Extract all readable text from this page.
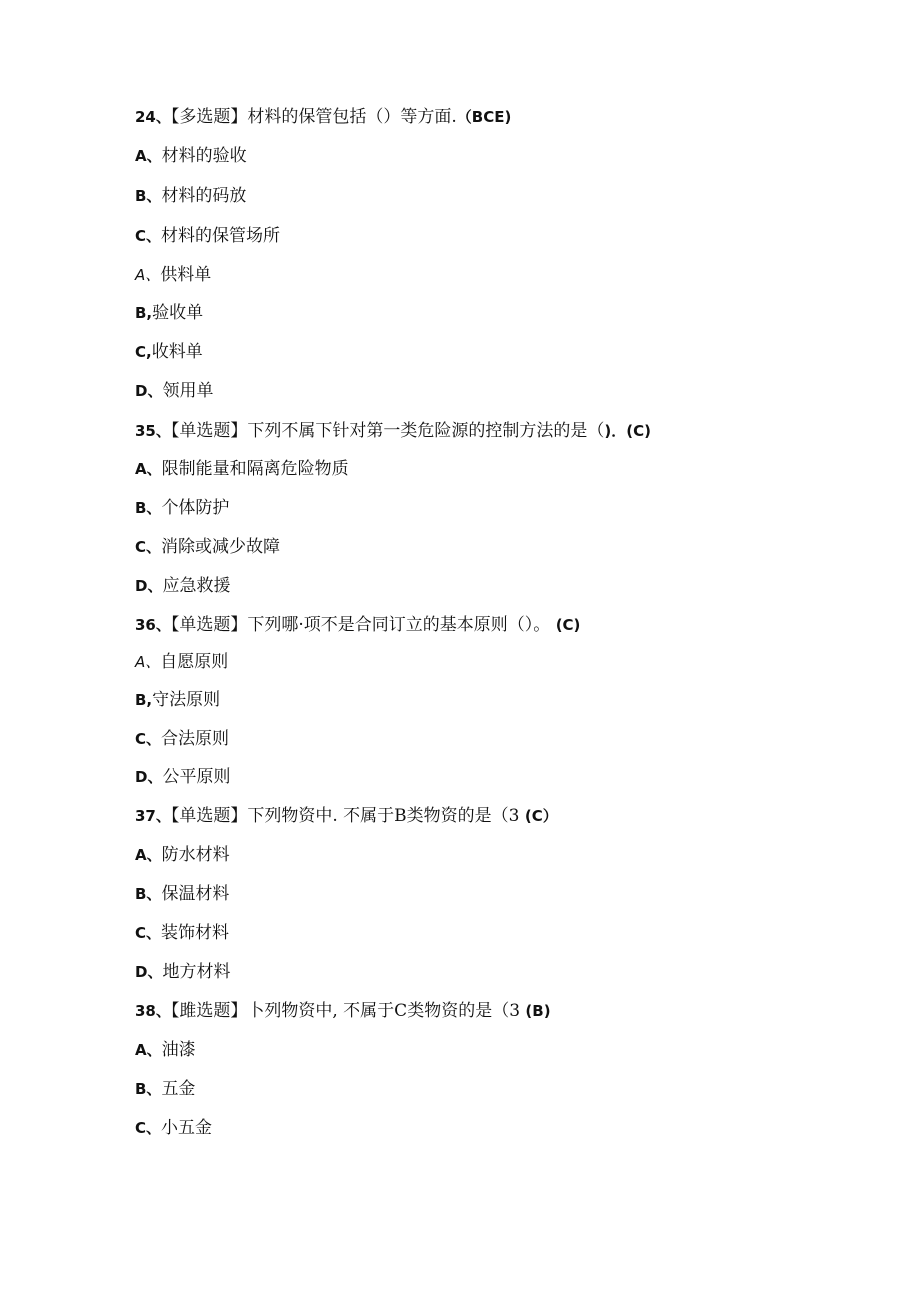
24、【多选题】材料的保管包括（）等方面.（BCE)
A、材料的验收
B、材料的码放
C、材料的保管场所
A、供料单
B,验收单
C,收料单
D、领用单
35、【单选题】下列不属下针对第一类危险源的控制方法的是（)．(C)
A、限制能量和隔离危险物质
B、个体防护
C、消除或减少故障
D、应急救援
36、【单选题】下列哪·项不是合同订立的基本原则（）。 (C)
A、自愿原则
B,守法原则
C、合法原则
D、公平原则
37、【单选题】下列物资中. 不属于B类物资的是（3 (C）
A、防水材料
B、保温材料
C、装饰材料
D、地方材料
38、【雎选题】卜列物资中, 不属于C类物资的是（3 (B)
A、油漆
B、五金
C、小五金
